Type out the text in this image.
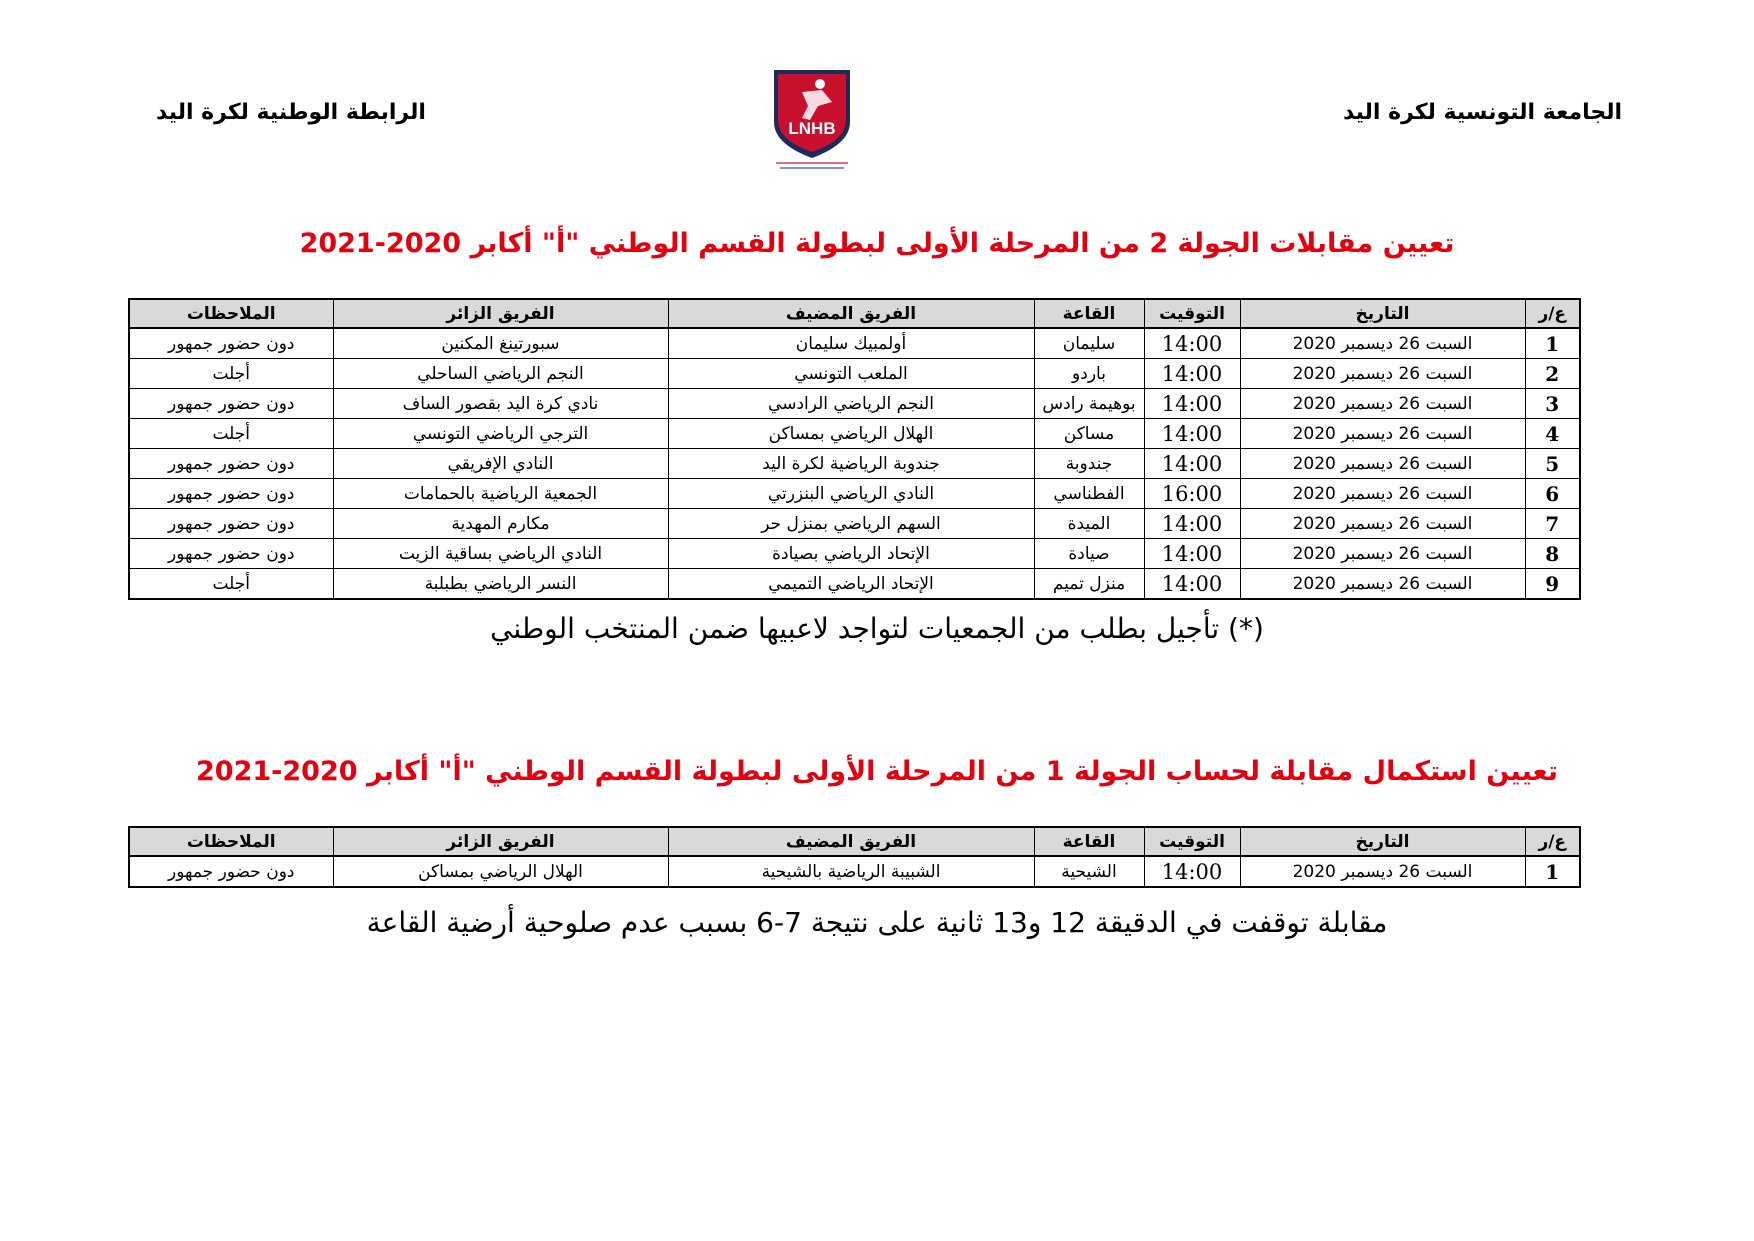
الجامعة التونسية لكرة اليد
الرابطة الوطنية لكرة اليد
LNHB
تعيين مقابلات الجولة 2 من المرحلة الأولى لبطولة القسم الوطني "أ" أكابر 2020-2021
ع/ر	التاريخ	التوقيت	القاعة	الفريق المضيف	الفريق الزائر	الملاحظات
1	السبت 26 ديسمبر 2020	14:00	سليمان	أولمبيك سليمان	سبورتينغ المكنين	دون حضور جمهور
2	السبت 26 ديسمبر 2020	14:00	باردو	الملعب التونسي	النجم الرياضي الساحلي	أجلت
3	السبت 26 ديسمبر 2020	14:00	بوهيمة رادس	النجم الرياضي الرادسي	نادي كرة اليد بقصور الساف	دون حضور جمهور
4	السبت 26 ديسمبر 2020	14:00	مساكن	الهلال الرياضي بمساكن	الترجي الرياضي التونسي	أجلت
5	السبت 26 ديسمبر 2020	14:00	جندوبة	جندوبة الرياضية لكرة اليد	النادي الإفريقي	دون حضور جمهور
6	السبت 26 ديسمبر 2020	16:00	الفطناسي	النادي الرياضي البنزرتي	الجمعية الرياضية بالحمامات	دون حضور جمهور
7	السبت 26 ديسمبر 2020	14:00	الميدة	السهم الرياضي بمنزل حر	مكارم المهدية	دون حضور جمهور
8	السبت 26 ديسمبر 2020	14:00	صيادة	الإتحاد الرياضي بصيادة	النادي الرياضي بساقية الزيت	دون حضور جمهور
9	السبت 26 ديسمبر 2020	14:00	منزل تميم	الإتحاد الرياضي التميمي	النسر الرياضي بطبلبة	أجلت
(*) تأجيل بطلب من الجمعيات لتواجد لاعبيها ضمن المنتخب الوطني
تعيين استكمال مقابلة لحساب الجولة 1 من المرحلة الأولى لبطولة القسم الوطني "أ" أكابر 2020-2021
ع/ر	التاريخ	التوقيت	القاعة	الفريق المضيف	الفريق الزائر	الملاحظات
1	السبت 26 ديسمبر 2020	14:00	الشيحية	الشبيبة الرياضية بالشيحية	الهلال الرياضي بمساكن	دون حضور جمهور
مقابلة توقفت في الدقيقة 12 و13 ثانية على نتيجة 7-6 بسبب عدم صلوحية أرضية القاعة
